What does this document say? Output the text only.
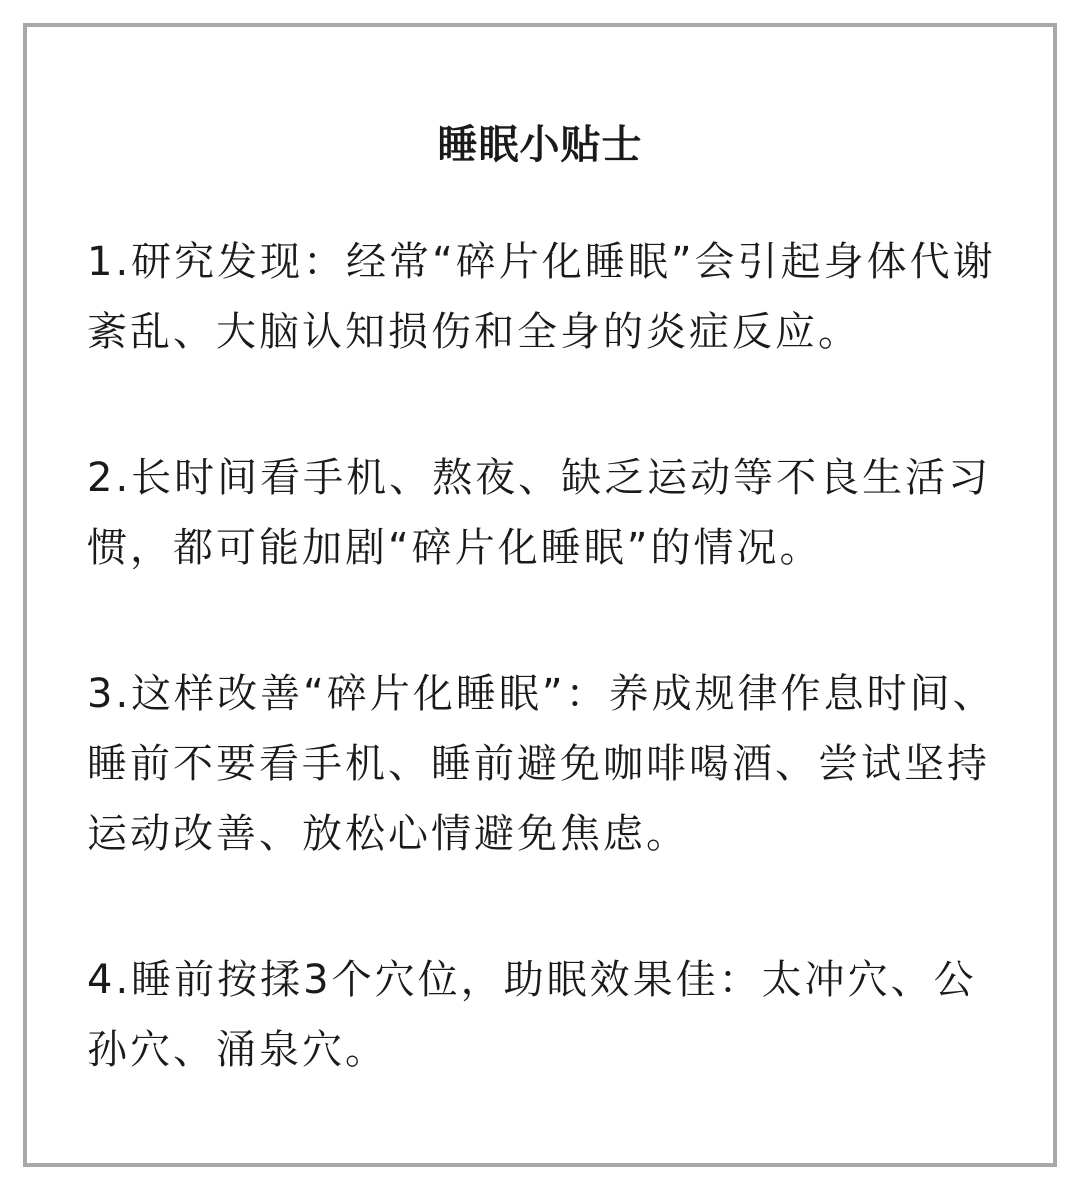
睡眠小贴士

1.研究发现：经常“碎片化睡眠”会引起身体代谢紊乱、大脑认知损伤和全身的炎症反应。

2.长时间看手机、熬夜、缺乏运动等不良生活习惯，都可能加剧“碎片化睡眠”的情况。

3.这样改善“碎片化睡眠”：养成规律作息时间、睡前不要看手机、睡前避免咖啡喝酒、尝试坚持运动改善、放松心情避免焦虑。

4.睡前按揉3个穴位，助眠效果佳：太冲穴、公孙穴、涌泉穴。
